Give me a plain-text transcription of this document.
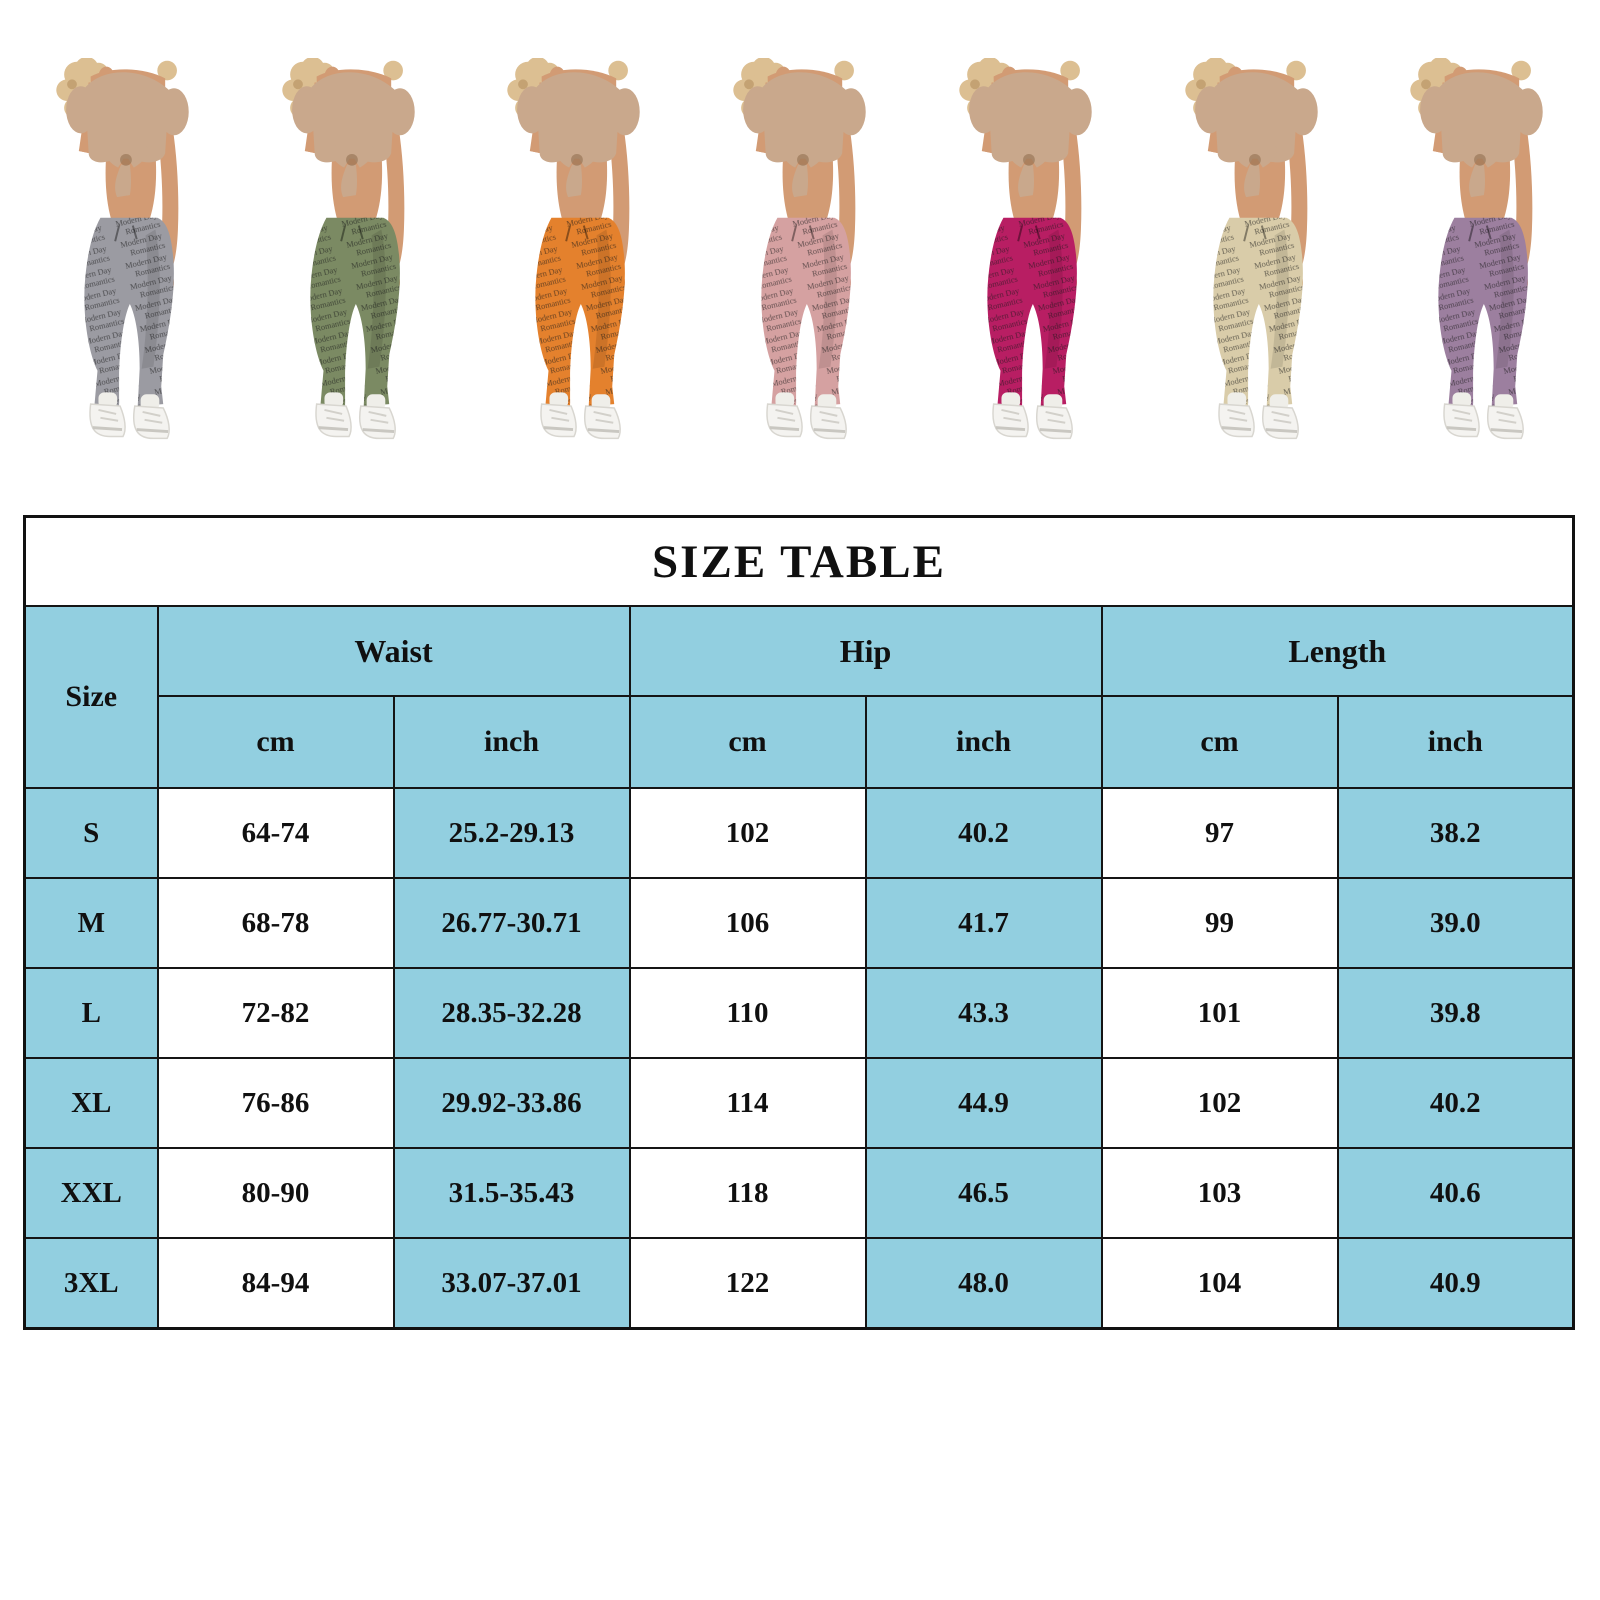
SIZE TABLE						
Size	Waist		Hip		Length	
	cm	inch	cm	inch	cm	inch
S	64-74	25.2-29.13	102	40.2	97	38.2
M	68-78	26.77-30.71	106	41.7	99	39.0
L	72-82	28.35-32.28	110	43.3	101	39.8
XL	76-86	29.92-33.86	114	44.9	102	40.2
XXL	80-90	31.5-35.43	118	46.5	103	40.6
3XL	84-94	33.07-37.01	122	48.0	104	40.9
